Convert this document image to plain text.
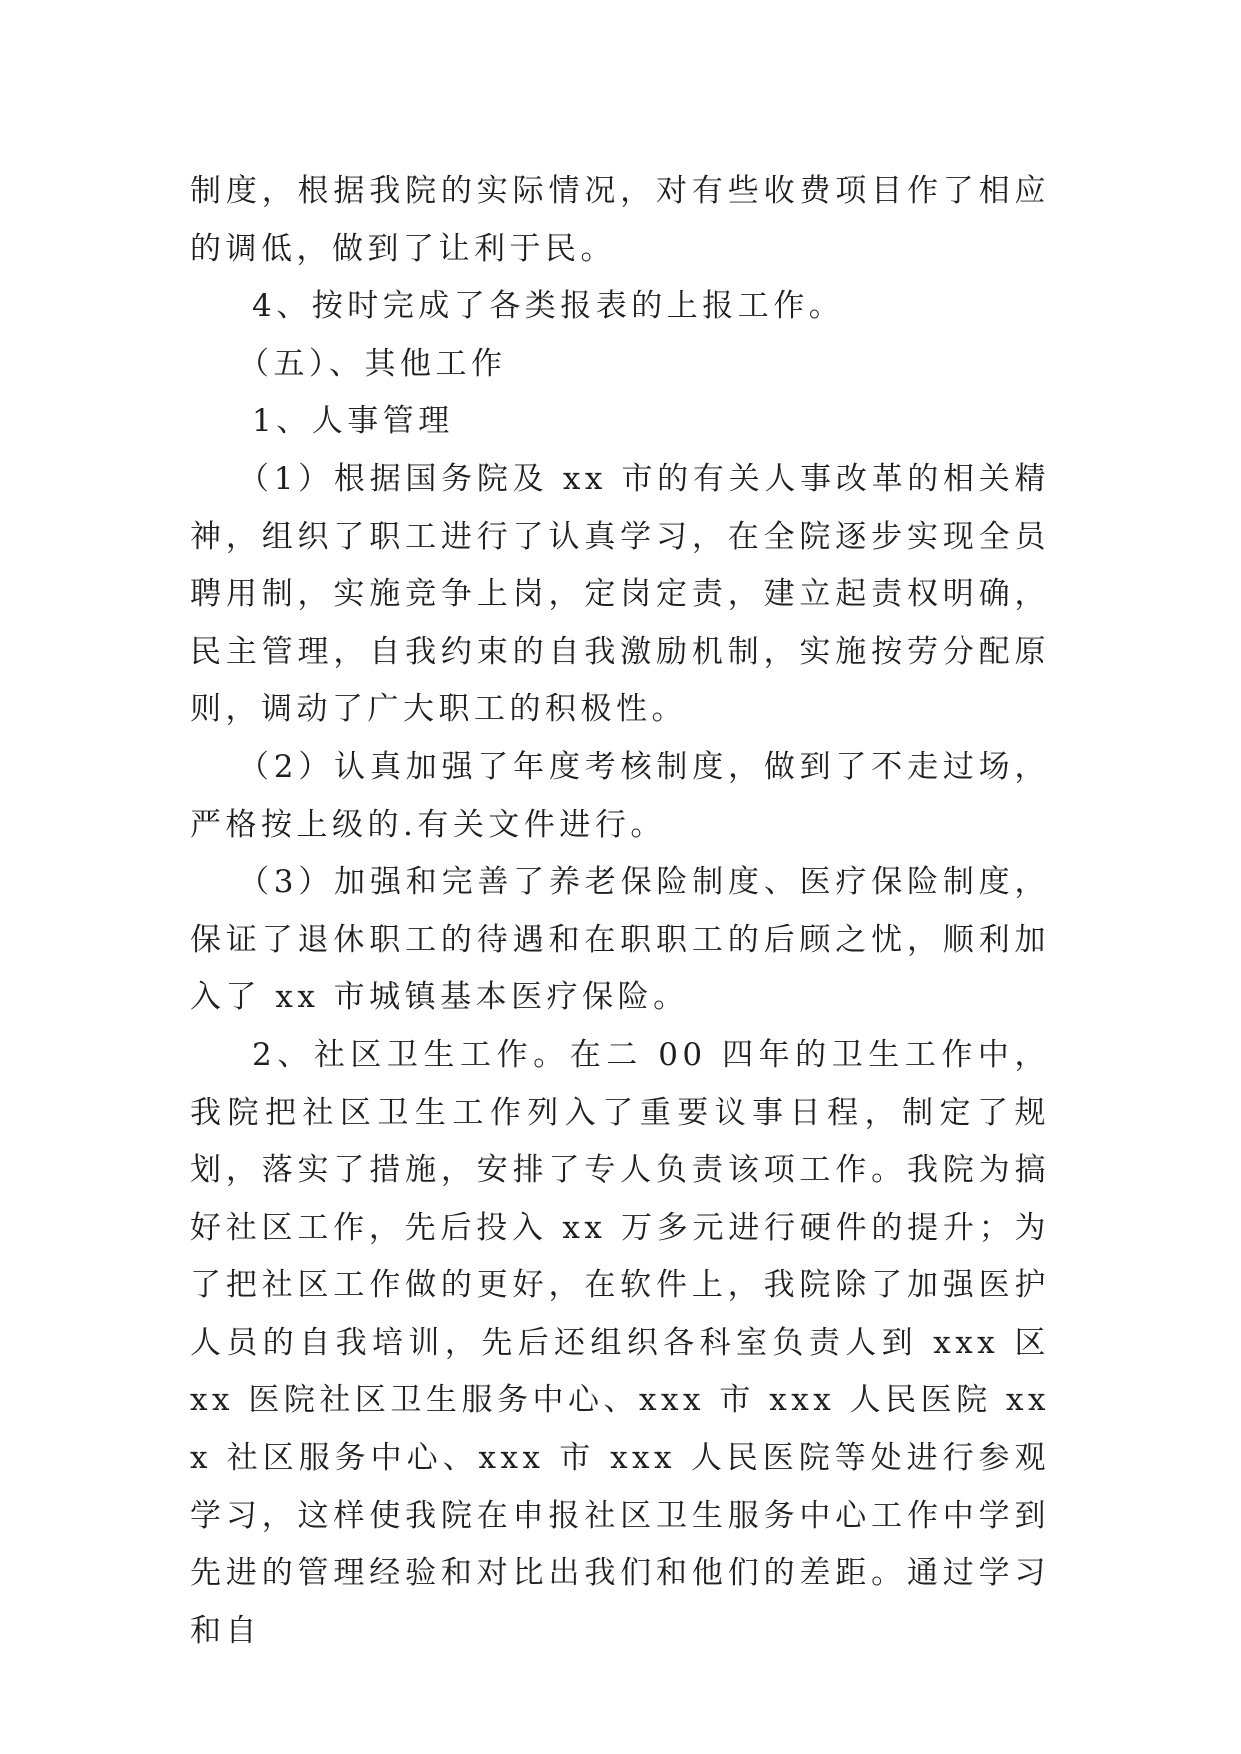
制度，根据我院的实际情况，对有些收费项目作了相应的调低，做到了让利于民。

4、按时完成了各类报表的上报工作。

（五）、其他工作

1、人事管理

（1）根据国务院及 xx 市的有关人事改革的相关精神，组织了职工进行了认真学习，在全院逐步实现全员聘用制，实施竞争上岗，定岗定责，建立起责权明确，民主管理，自我约束的自我激励机制，实施按劳分配原则，调动了广大职工的积极性。

（2）认真加强了年度考核制度，做到了不走过场，严格按上级的.有关文件进行。

（3）加强和完善了养老保险制度、医疗保险制度，保证了退休职工的待遇和在职职工的后顾之忧，顺利加入了 xx 市城镇基本医疗保险。

2、社区卫生工作。在二 00 四年的卫生工作中，我院把社区卫生工作列入了重要议事日程，制定了规划，落实了措施，安排了专人负责该项工作。我院为搞好社区工作，先后投入 xx 万多元进行硬件的提升；为了把社区工作做的更好，在软件上，我院除了加强医护人员的自我培训，先后还组织各科室负责人到 xxx 区 xx 医院社区卫生服务中心、xxx 市 xxx 人民医院 xxx 社区服务中心、xxx 市 xxx 人民医院等处进行参观学习，这样使我院在申报社区卫生服务中心工作中学到先进的管理经验和对比出我们和他们的差距。通过学习和自
